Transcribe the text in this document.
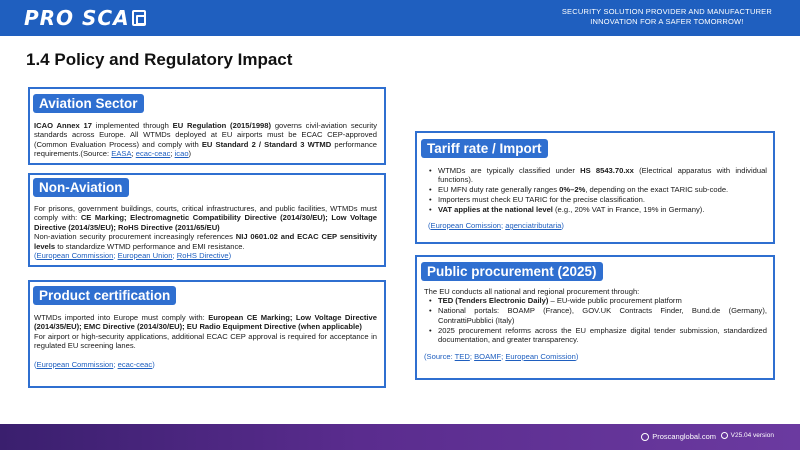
PRO SCA	SECURITY SOLUTION PROVIDER AND MANUFACTURER
INNOVATION FOR A SAFER TOMORROW!
1.4 Policy and Regulatory Impact
Aviation Sector
ICAO Annex 17 implemented through EU Regulation (2015/1998) governs civil-aviation security standards across Europe. All WTMDs deployed at EU airports must be ECAC CEP-approved (Common Evaluation Process) and comply with EU Standard 2 / Standard 3 WTMD performance requirements.(Source: EASA; ecac-ceac; icao)
Non-Aviation
For prisons, government buildings, courts, critical infrastructures, and public facilities, WTMDs must comply with: CE Marking; Electromagnetic Compatibility Directive (2014/30/EU); Low Voltage Directive (2014/35/EU); RoHS Directive (2011/65/EU)
Non-aviation security procurement increasingly references NIJ 0601.02 and ECAC CEP sensitivity levels to standardize WTMD performance and EMI resistance.
(European Commission; European Union; RoHS Directive)
Product certification
WTMDs imported into Europe must comply with: European CE Marking; Low Voltage Directive (2014/35/EU); EMC Directive (2014/30/EU); EU Radio Equipment Directive (when applicable)
For airport or high-security applications, additional ECAC CEP approval is required for acceptance in regulated EU screening lanes.

(European Commission; ecac-ceac)
Tariff rate / Import
• WTMDs are typically classified under HS 8543.70.xx (Electrical apparatus with individual functions).
• EU MFN duty rate generally ranges 0%–2%, depending on the exact TARIC sub-code.
• Importers must check EU TARIC for the precise classification.
• VAT applies at the national level (e.g., 20% VAT in France, 19% in Germany).
(European Comission; agenciatributaria)
Public procurement (2025)
The EU conducts all national and regional procurement through:
• TED (Tenders Electronic Daily) – EU-wide public procurement platform
• National portals: BOAMP (France), GOV.UK Contracts Finder, Bund.de (Germany), ContrattiPubblici (Italy)
• 2025 procurement reforms across the EU emphasize digital tender submission, standardized documentation, and greater transparency.
(Source: TED; BOAMF; European Comission)
Proscanglobal.com V25.04 version
